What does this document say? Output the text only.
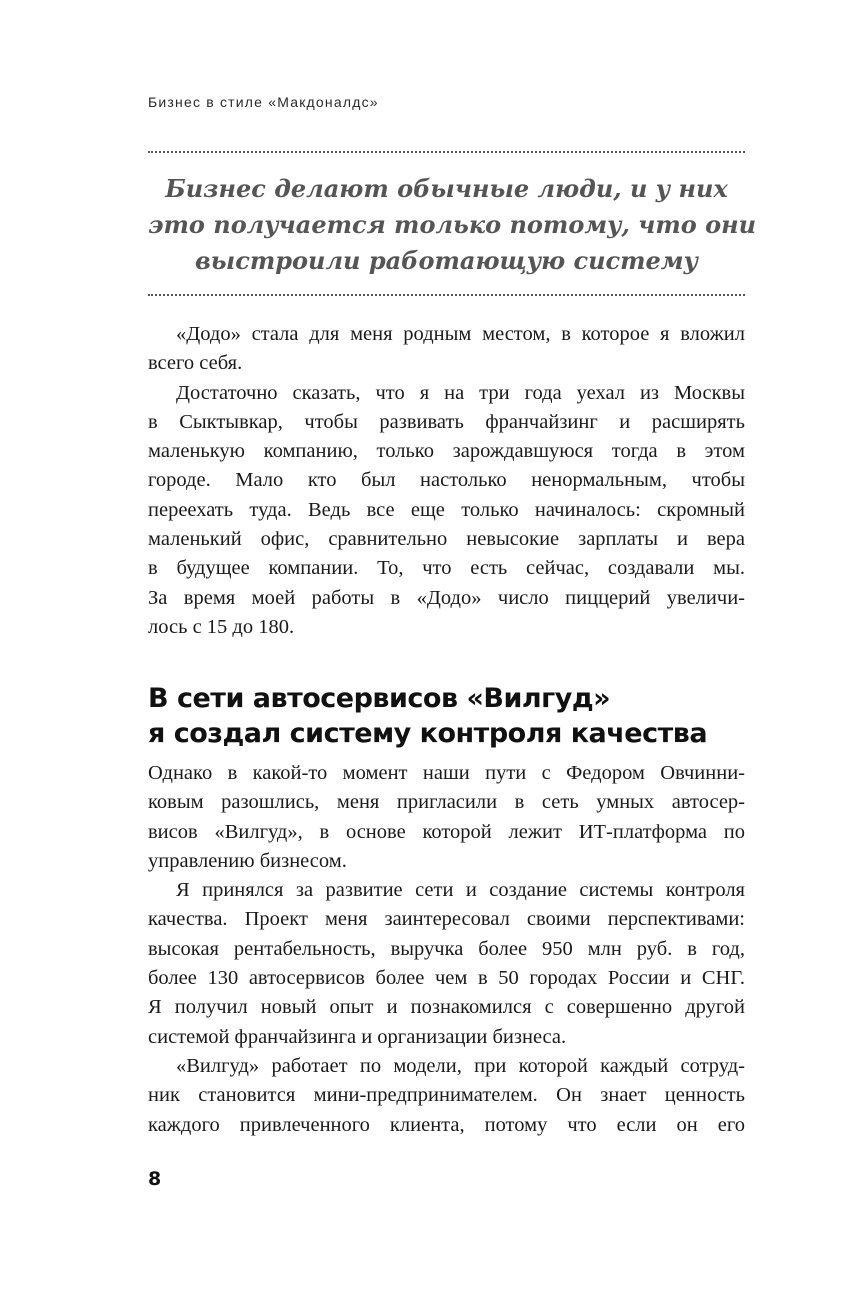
Бизнес в стиле «Макдоналдс»

Бизнес делают обычные люди, и у них
это получается только потому, что они
выстроили работающую систему

«Додо» стала для меня родным местом, в которое я вложил
всего себя.
Достаточно сказать, что я на три года уехал из Москвы
в Сыктывкар, чтобы развивать франчайзинг и расширять
маленькую компанию, только зарождавшуюся тогда в этом
городе. Мало кто был настолько ненормальным, чтобы
переехать туда. Ведь все еще только начиналось: скромный
маленький офис, сравнительно невысокие зарплаты и вера
в будущее компании. То, что есть сейчас, создавали мы.
За время моей работы в «Додо» число пиццерий увеличи-
лось с 15 до 180.
В сети автосервисов «Вилгуд»
я создал систему контроля качества
Однако в какой-то момент наши пути с Федором Овчинни-
ковым разошлись, меня пригласили в сеть умных автосер-
висов «Вилгуд», в основе которой лежит ИТ-платформа по
управлению бизнесом.
Я принялся за развитие сети и создание системы контроля
качества. Проект меня заинтересовал своими перспективами:
высокая рентабельность, выручка более 950 млн руб. в год,
более 130 автосервисов более чем в 50 городах России и СНГ.
Я получил новый опыт и познакомился с совершенно другой
системой франчайзинга и организации бизнеса.
«Вилгуд» работает по модели, при которой каждый сотруд-
ник становится мини-предпринимателем. Он знает ценность
каждого привлеченного клиента, потому что если он его
8
